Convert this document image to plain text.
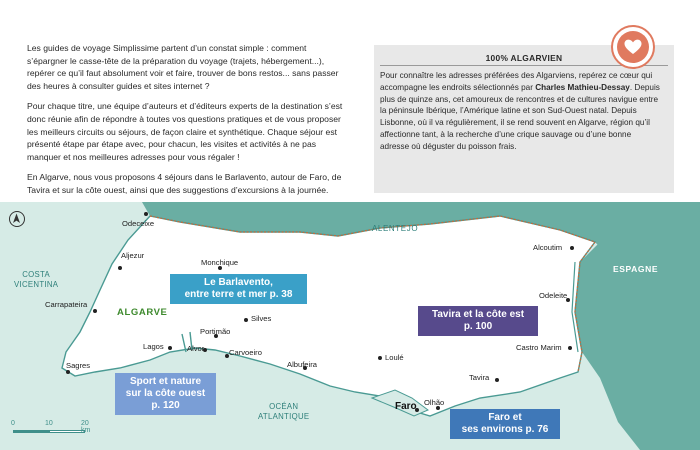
Les guides de voyage Simplissime partent d’un constat simple : comment s’épargner le casse-tête de la préparation du voyage (trajets, hébergement...), repérer ce qu’il faut absolument voir et faire, trouver de bons restos... sans passer des heures à consulter guides et sites internet ?

Pour chaque titre, une équipe d’auteurs et d’éditeurs experts de la destination s’est donc réunie afin de répondre à toutes vos questions pratiques et de vous proposer les meilleurs circuits ou séjours, de façon claire et synthétique. Chaque séjour est présenté étape par étape avec, pour chacun, les visites et activités à ne pas manquer et nos meilleures adresses pour vous régaler !

En Algarve, nous vous proposons 4 séjours dans le Barlavento, autour de Faro, de Tavira et sur la côte ouest, ainsi que des suggestions d’excursions à la journée.

100% ALGARVIEN
Pour connaître les adresses préférées des Algarviens, repérez ce cœur qui accompagne les endroits sélectionnés par Charles Mathieu-Dessay. Depuis plus de quinze ans, cet amoureux de rencontres et de cultures navigue entre la péninsule Ibérique, l’Amérique latine et son Sud-Ouest natal. Depuis Lisbonne, où il va régulièrement, il se rend souvent en Algarve, région qu’il affectionne tant, à la recherche d’une crique sauvage ou d’une bonne adresse où déguster du poisson frais.
ALENTEJO
ESPAGNE
ALGARVE
COSTA
VICENTINA
OCÉAN
ATLANTIQUE
Odeceixe
Aljezur
Monchique
Alcoutim
Carrapateira
Silves
Odeleite
Portimão
Lagos	Alvor	Carvoeiro
Loulé
Castro Marim
Sagres	Albufeira
Tavira
Faro Olhão
Le Barlavento,
entre terre et mer p. 38
Tavira et la côte est
p. 100
Sport et nature
sur la côte ouest
p. 120
Faro et
ses environs p. 76
0	10	20 km
